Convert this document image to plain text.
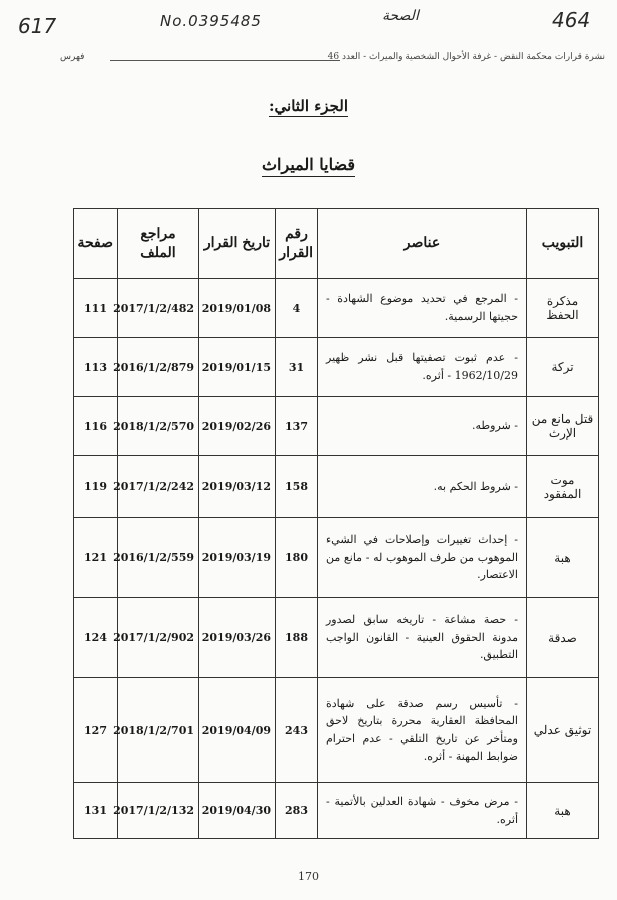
617	No.0395485	الصحة	464
نشرة قرارات محكمة النقض - غرفة الأحوال الشخصية والميراث - العدد 46
فهرس
الجزء الثاني:
قضايا الميراث
التبويب	عناصر	رقم القرار	تاريخ القرار	مراجع الملف	صفحة
مذكرة الحفظ	- المرجع في تحديد موضوع الشهادة - حجيتها الرسمية.	4	2019/01/08	2017/1/2/482	111
تركة	- عدم ثبوت تصفيتها قبل نشر ظهير 1962/10/29 - أثره.	31	2019/01/15	2016/1/2/879	113
قتل مانع من الإرث	- شروطه.	137	2019/02/26	2018/1/2/570	116
موت المفقود	- شروط الحكم به.	158	2019/03/12	2017/1/2/242	119
هبة	- إحداث تغييرات وإصلاحات في الشيء الموهوب من طرف الموهوب له - مانع من الاعتصار.	180	2019/03/19	2016/1/2/559	121
صدقة	- حصة مشاعة - تاريخه سابق لصدور مدونة الحقوق العينية - القانون الواجب التطبيق.	188	2019/03/26	2017/1/2/902	124
توثيق عدلي	- تأسيس رسم صدقة على شهادة المحافظة العقارية محررة بتاريخ لاحق ومتأخر عن تاريخ التلقي - عدم احترام ضوابط المهنة - أثره.	243	2019/04/09	2018/1/2/701	127
هبة	- مرض مخوف - شهادة العدلين بالأتمية - أثره.	283	2019/04/30	2017/1/2/132	131
170
